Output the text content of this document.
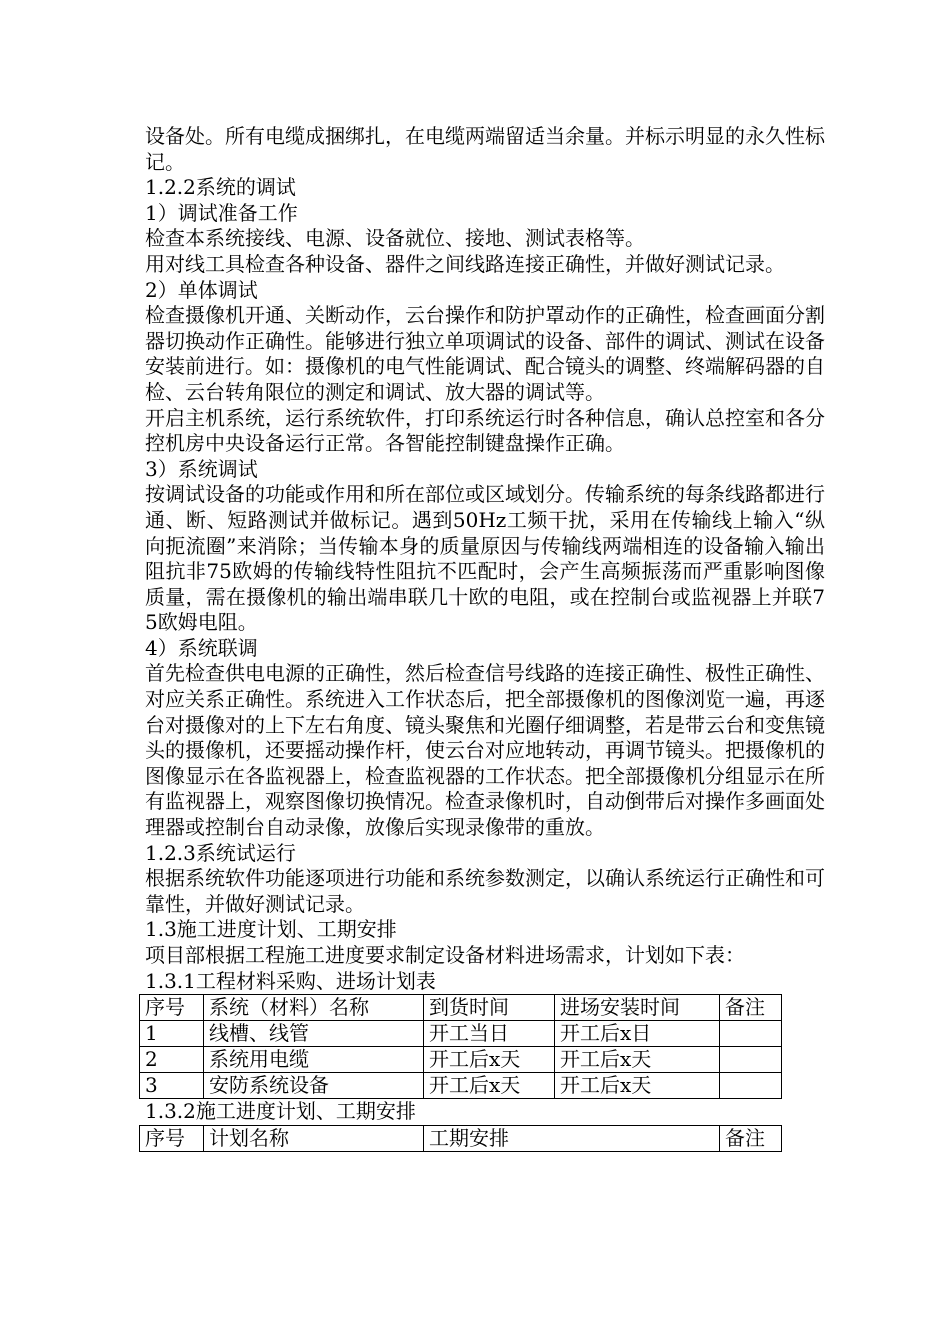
设备处。所有电缆成捆绑扎，在电缆两端留适当余量。并标示明显的永久性标记。

1.2.2系统的调试

1）调试准备工作

检查本系统接线、电源、设备就位、接地、测试表格等。

用对线工具检查各种设备、器件之间线路连接正确性，并做好测试记录。

2）单体调试

检查摄像机开通、关断动作，云台操作和防护罩动作的正确性，检查画面分割器切换动作正确性。能够进行独立单项调试的设备、部件的调试、测试在设备安装前进行。如：摄像机的电气性能调试、配合镜头的调整、终端解码器的自检、云台转角限位的测定和调试、放大器的调试等。

开启主机系统，运行系统软件，打印系统运行时各种信息，确认总控室和各分控机房中央设备运行正常。各智能控制键盘操作正确。

3）系统调试

按调试设备的功能或作用和所在部位或区域划分。传输系统的每条线路都进行通、断、短路测试并做标记。遇到50Hz工频干扰，采用在传输线上输入“纵向扼流圈”来消除；当传输本身的质量原因与传输线两端相连的设备输入输出阻抗非75欧姆的传输线特性阻抗不匹配时，会产生高频振荡而严重影响图像质量，需在摄像机的输出端串联几十欧的电阻，或在控制台或监视器上并联75欧姆电阻。

4）系统联调

首先检查供电电源的正确性，然后检查信号线路的连接正确性、极性正确性、对应关系正确性。系统进入工作状态后，把全部摄像机的图像浏览一遍，再逐台对摄像对的上下左右角度、镜头聚焦和光圈仔细调整，若是带云台和变焦镜头的摄像机，还要摇动操作杆，使云台对应地转动，再调节镜头。把摄像机的图像显示在各监视器上，检查监视器的工作状态。把全部摄像机分组显示在所有监视器上，观察图像切换情况。检查录像机时，自动倒带后对操作多画面处理器或控制台自动录像，放像后实现录像带的重放。

1.2.3系统试运行

根据系统软件功能逐项进行功能和系统参数测定，以确认系统运行正确性和可靠性，并做好测试记录。

1.3施工进度计划、工期安排

项目部根据工程施工进度要求制定设备材料进场需求，计划如下表：

1.3.1工程材料采购、进场计划表

序号	系统（材料）名称	到货时间	进场安装时间	备注
1	线槽、线管	开工当日	开工后x日	
2	系统用电缆	开工后x天	开工后x天	
3	安防系统设备	开工后x天	开工后x天	

1.3.2施工进度计划、工期安排

序号	计划名称	工期安排	备注
